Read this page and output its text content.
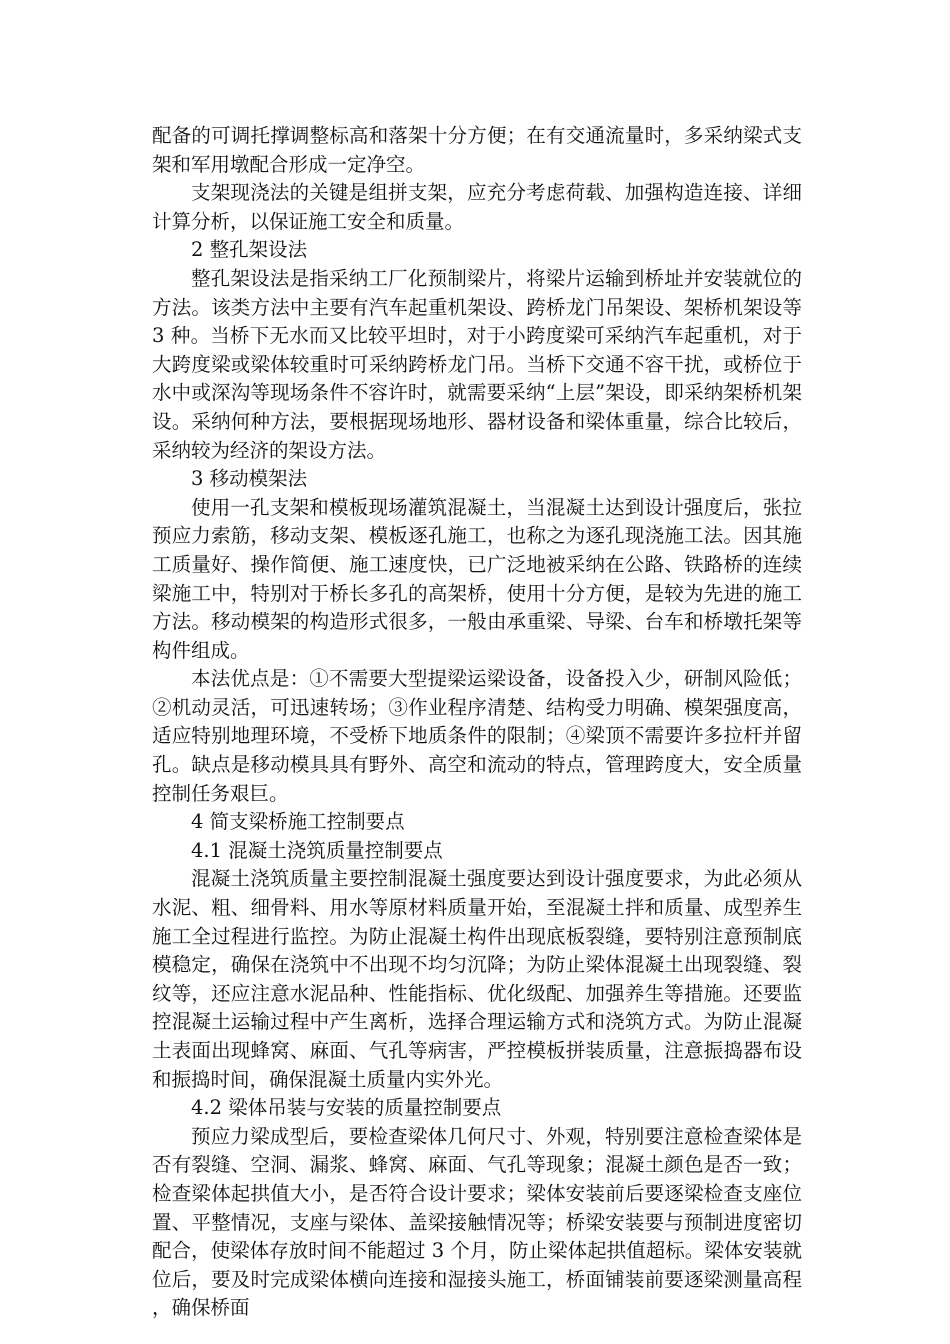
配备的可调托撑调整标高和落架十分方便；在有交通流量时，多采纳梁式支架和军用墩配合形成一定净空。

支架现浇法的关键是组拼支架，应充分考虑荷载、加强构造连接、详细计算分析，以保证施工安全和质量。

2 整孔架设法

整孔架设法是指采纳工厂化预制梁片，将梁片运输到桥址并安装就位的方法。该类方法中主要有汽车起重机架设、跨桥龙门吊架设、架桥机架设等 3 种。当桥下无水而又比较平坦时，对于小跨度梁可采纳汽车起重机，对于大跨度梁或梁体较重时可采纳跨桥龙门吊。当桥下交通不容干扰，或桥位于水中或深沟等现场条件不容许时，就需要采纳“上层”架设，即采纳架桥机架设。采纳何种方法，要根据现场地形、器材设备和梁体重量，综合比较后，采纳较为经济的架设方法。

3 移动模架法

使用一孔支架和模板现场灌筑混凝土，当混凝土达到设计强度后，张拉预应力索筋，移动支架、模板逐孔施工，也称之为逐孔现浇施工法。因其施工质量好、操作简便、施工速度快，已广泛地被采纳在公路、铁路桥的连续梁施工中，特别对于桥长多孔的高架桥，使用十分方便，是较为先进的施工方法。移动模架的构造形式很多，一般由承重梁、导梁、台车和桥墩托架等构件组成。

本法优点是：①不需要大型提梁运梁设备，设备投入少，研制风险低；②机动灵活，可迅速转场；③作业程序清楚、结构受力明确、模架强度高，适应特别地理环境，不受桥下地质条件的限制；④梁顶不需要许多拉杆并留孔。缺点是移动模具具有野外、高空和流动的特点，管理跨度大，安全质量控制任务艰巨。

4 简支梁桥施工控制要点

4.1 混凝土浇筑质量控制要点

混凝土浇筑质量主要控制混凝土强度要达到设计强度要求，为此必须从水泥、粗、细骨料、用水等原材料质量开始，至混凝土拌和质量、成型养生施工全过程进行监控。为防止混凝土构件出现底板裂缝，要特别注意预制底模稳定，确保在浇筑中不出现不均匀沉降；为防止梁体混凝土出现裂缝、裂纹等，还应注意水泥品种、性能指标、优化级配、加强养生等措施。还要监控混凝土运输过程中产生离析，选择合理运输方式和浇筑方式。为防止混凝土表面出现蜂窝、麻面、气孔等病害，严控模板拼装质量，注意振捣器布设和振捣时间，确保混凝土质量内实外光。

4.2 梁体吊装与安装的质量控制要点

预应力梁成型后，要检查梁体几何尺寸、外观，特别要注意检查梁体是否有裂缝、空洞、漏浆、蜂窝、麻面、气孔等现象；混凝土颜色是否一致；检查梁体起拱值大小，是否符合设计要求；梁体安装前后要逐梁检查支座位置、平整情况，支座与梁体、盖梁接触情况等；桥梁安装要与预制进度密切配合，使梁体存放时间不能超过 3 个月，防止梁体起拱值超标。梁体安装就位后，要及时完成梁体横向连接和湿接头施工，桥面铺装前要逐梁测量高程，确保桥面
